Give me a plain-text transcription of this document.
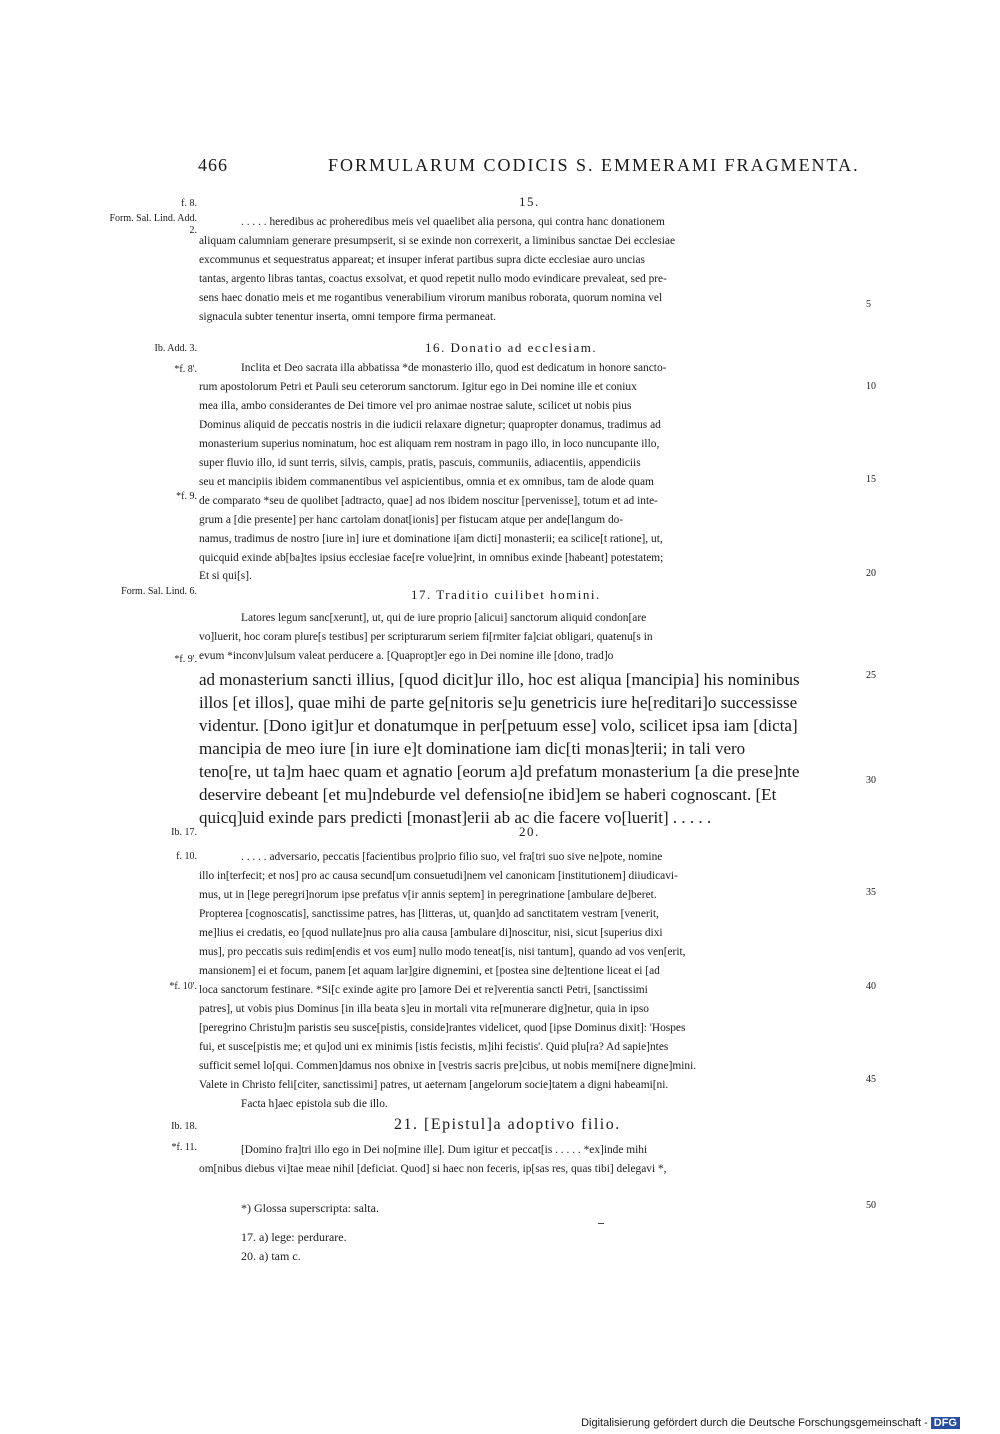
466	FORMULARUM CODICIS S. EMMERAMI FRAGMENTA.
f. 8.
Form. Sal. Lind. Add. 2.
Ib. Add. 3.
*f. 8'.
*f. 9.
Form. Sal. Lind. 6.
*f. 9'.
Ib. 17.
f. 10.
*f. 10'.
Ib. 18.
*f. 11.
15.
16. Donatio ad ecclesiam.
17. Traditio cuilibet homini.
20.
21. [Epistul]a adoptivo filio.
5
10
15
20
25
30
35
40
45
50
. . . . . heredibus ac proheredibus meis vel quaelibet alia persona, qui contra hanc donationem
aliquam calumniam generare presumpserit, si se exinde non correxerit, a liminibus sanctae Dei ecclesiae
excommunus et sequestratus appareat; et insuper inferat partibus supra dicte ecclesiae auro uncias
tantas, argento libras tantas, coactus exsolvat, et quod repetit nullo modo evindicare prevaleat, sed pre-
sens haec donatio meis et me rogantibus venerabilium virorum manibus roborata, quorum nomina vel
signacula subter tenentur inserta, omni tempore firma permaneat.
Inclita et Deo sacrata illa abbatissa *de monasterio illo, quod est dedicatum in honore sancto-
rum apostolorum Petri et Pauli seu ceterorum sanctorum. Igitur ego in Dei nomine ille et coniux
mea illa, ambo considerantes de Dei timore vel pro animae nostrae salute, scilicet ut nobis pius
Dominus aliquid de peccatis nostris in die iudicii relaxare dignetur; quapropter donamus, tradimus ad
monasterium superius nominatum, hoc est aliquam rem nostram in pago illo, in loco nuncupante illo,
super fluvio illo, id sunt terris, silvis, campis, pratis, pascuis, communiis, adiacentiis, appendiciis
seu et mancipiis ibidem commanentibus vel aspicientibus, omnia et ex omnibus, tam de alode quam
de comparato *seu de quolibet [adtracto, quae] ad nos ibidem noscitur [pervenisse], totum et ad inte-
grum a [die presente] per hanc cartolam donat[ionis] per fistucam atque per ande[langum do-
namus, tradimus de nostro [iure in] iure et dominatione i[am dicti] monasterii; ea scilice[t ratione], ut,
quicquid exinde ab[ba]tes ipsius ecclesiae face[re volue]rint, in omnibus exinde [habeant] potestatem;
Et si qui[s].
Latores legum sanc[xerunt], ut, qui de iure proprio [alicui] sanctorum aliquid condon[are
vo]luerit, hoc coram plure[s testibus] per scripturarum seriem fi[rmiter fa]ciat obligari, quatenu[s in
evum *inconv]ulsum valeat perducere a. [Quapropt]er ego in Dei nomine ille [dono, trad]o
ad monasterium sancti illius, [quod dicit]ur illo, hoc est aliqua [mancipia] his nominibus
illos [et illos], quae mihi de parte ge[nitoris se]u genetricis iure he[reditari]o successisse
videntur. [Dono igit]ur et donatumque in per[petuum esse] volo, scilicet ipsa iam [dicta]
mancipia de meo iure [in iure e]t dominatione iam dic[ti monas]terii; in tali vero
teno[re, ut ta]m haec quam et agnatio [eorum a]d prefatum monasterium [a die prese]nte
deservire debeant [et mu]ndeburde vel defensio[ne ibid]em se haberi cognoscant. [Et
quicq]uid exinde pars predicti [monast]erii ab ac die facere vo[luerit] . . . . .
. . . . . adversario, peccatis [facientibus pro]prio filio suo, vel fra[tri suo sive ne]pote, nomine
illo in[terfecit; et nos] pro ac causa secund[um consuetudi]nem vel canonicam [institutionem] diiudicavi-
mus, ut in [lege peregri]norum ipse prefatus v[ir annis septem] in peregrinatione [ambulare de]beret.
Propterea [cognoscatis], sanctissime patres, has [litteras, ut, quan]do ad sanctitatem vestram [venerit,
me]lius ei credatis, eo [quod nullate]nus pro alia causa [ambulare di]noscitur, nisi, sicut [superius dixi
mus], pro peccatis suis redim[endis et vos eum] nullo modo teneat[is, nisi tantum], quando ad vos ven[erit,
mansionem] ei et focum, panem [et aquam lar]gire dignemini, et [postea sine de]tentione liceat ei [ad
loca sanctorum festinare. *Si[c exinde agite pro [amore Dei et re]verentia sancti Petri, [sanctissimi
patres], ut vobis pius Dominus [in illa beata s]eu in mortali vita re[munerare dig]netur, quia in ipso
[peregrino Christu]m paristis seu susce[pistis, conside]rantes videlicet, quod [ipse Dominus dixit]: 'Hospes
fui, et susce[pistis me; et qu]od uni ex minimis [istis fecistis, m]ihi fecistis'. Quid plu[ra? Ad sapie]ntes
sufficit semel lo[qui. Commen]damus nos obnixe in [vestris sacris pre]cibus, ut nobis memi[nere digne]mini.
Valete in Christo feli[citer, sanctissimi] patres, ut aeternam [angelorum socie]tatem a digni habeami[ni.
Facta h]aec epistola sub die illo.
[Domino fra]tri illo ego in Dei no[mine ille]. Dum igitur et peccat[is . . . . . *ex]inde mihi
om[nibus diebus vi]tae meae nihil [deficiat. Quod] si haec non feceris, ip[sas res, quas tibi] delegavi *,
*) Glossa superscripta: salta.
17. a) lege: perdurare.
20. a) tam c.
Digitalisierung gefördert durch die Deutsche Forschungsgemeinschaft - DFG
